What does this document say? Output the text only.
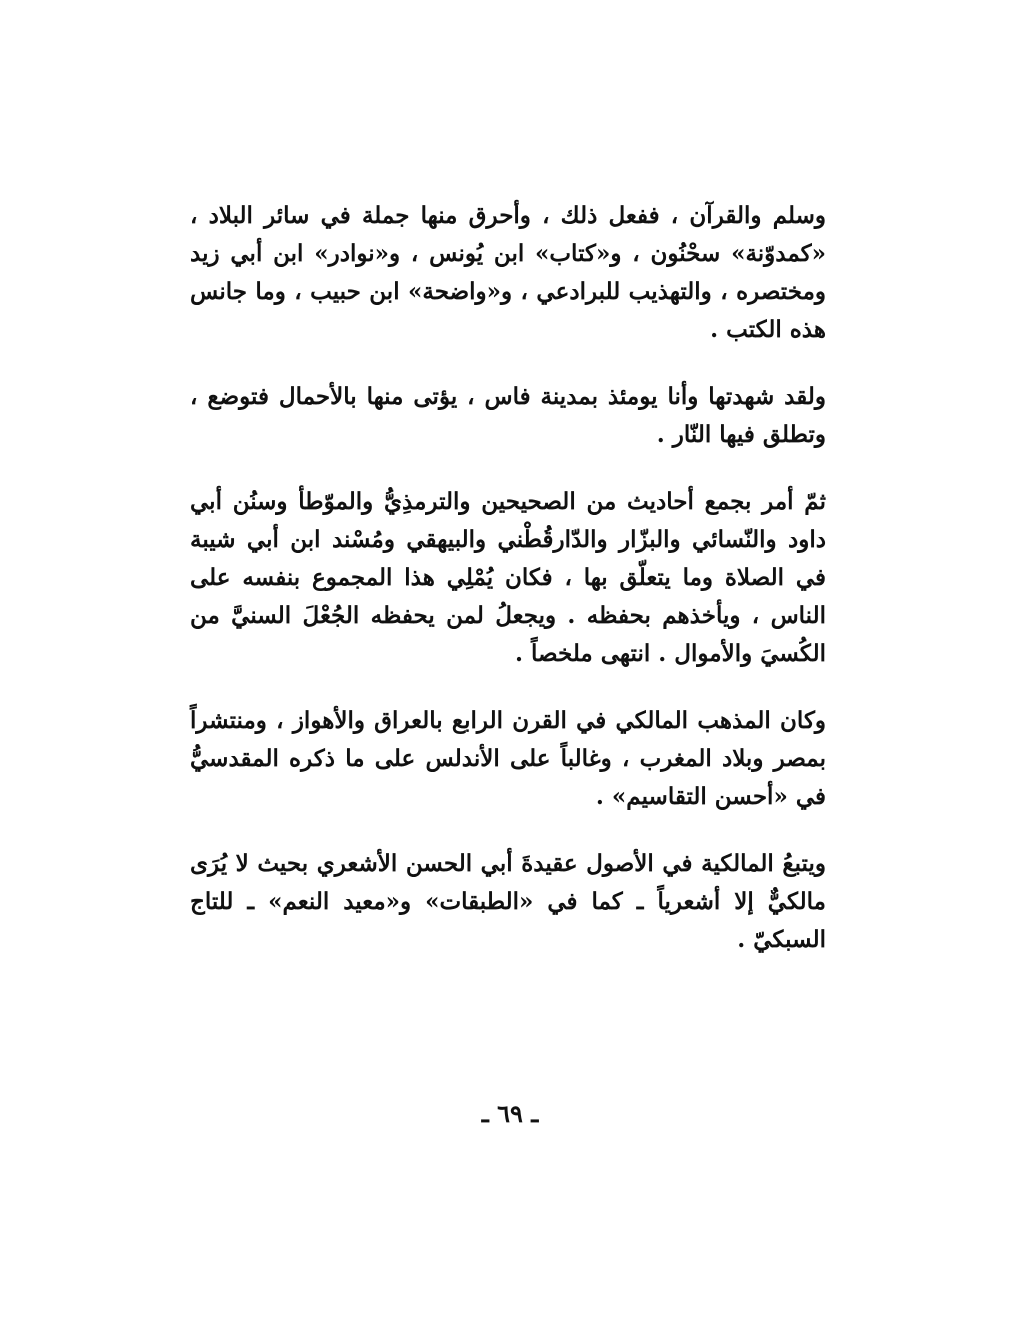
وسلم والقرآن ، ففعل ذلك ، وأحرق منها جملة في سائر البلاد ، «كمدوّنة» سحْنُون ، و«كتاب» ابن يُونس ، و«نوادر» ابن أبي زيد ومختصره ، والتهذيب للبرادعي ، و«واضحة» ابن حبيب ، وما جانس هذه الكتب .

ولقد شهدتها وأنا يومئذ بمدينة فاس ، يؤتى منها بالأحمال فتوضع ، وتطلق فيها النّار .

ثمّ أمر بجمع أحاديث من الصحيحين والترمذِيُّ والموّطأ وسنُن أبي داود والنّسائي والبزّار والدّارقُطْني والبيهقي ومُسْند ابن أبي شيبة في الصلاة وما يتعلّق بها ، فكان يُمْلِي هذا المجموع بنفسه على الناس ، ويأخذهم بحفظه . ويجعلُ لمن يحفظه الجُعْلَ السنيَّ من الكُسيَ والأموال . انتهى ملخصاً .

وكان المذهب المالكي في القرن الرابع بالعراق والأهواز ، ومنتشراً بمصر وبلاد المغرب ، وغالباً على الأندلس على ما ذكره المقدسيُّ في «أحسن التقاسيم» .

ويتبعُ المالكية في الأصول عقيدةَ أبي الحسن الأشعري بحيث لا يُرَى مالكيٌّ إلا أشعرياً ـ كما في «الطبقات» و«معيد النعم» ـ للتاج السبكيّ .

ـ ٦٩ ـ
